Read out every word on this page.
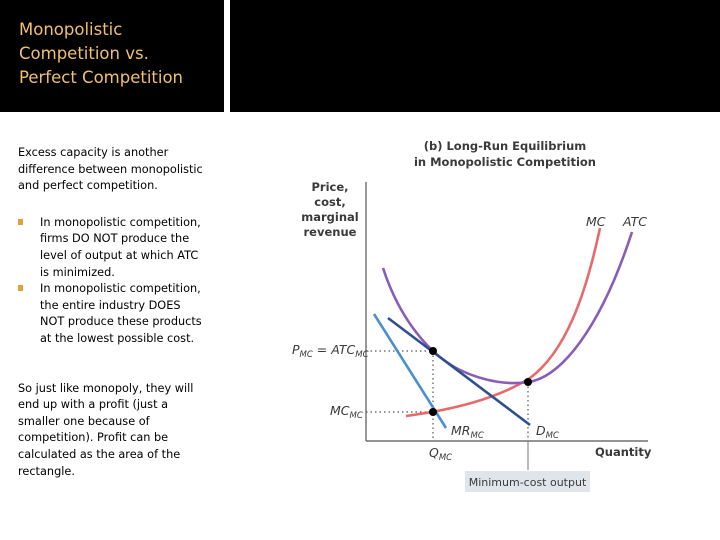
Monopolistic
Competition vs.
Perfect Competition

Excess capacity is another difference between monopolistic and perfect competition.

In monopolistic competition, firms DO NOT produce the level of output at which ATC is minimized.
In monopolistic competition, the entire industry DOES NOT produce these products at the lowest possible cost.

So just like monopoly, they will end up with a profit (just a smaller one because of competition). Profit can be calculated as the area of the rectangle.

(b) Long-Run Equilibrium
in Monopolistic Competition
Price,
cost,
marginal
revenue
MC ATC
$MR_{MC}$	$D_{MC}$
$P_{MC} = ATC_{MC}$
$MC_{MC}$
$Q_{MC}$	Quantity
Minimum-cost output
